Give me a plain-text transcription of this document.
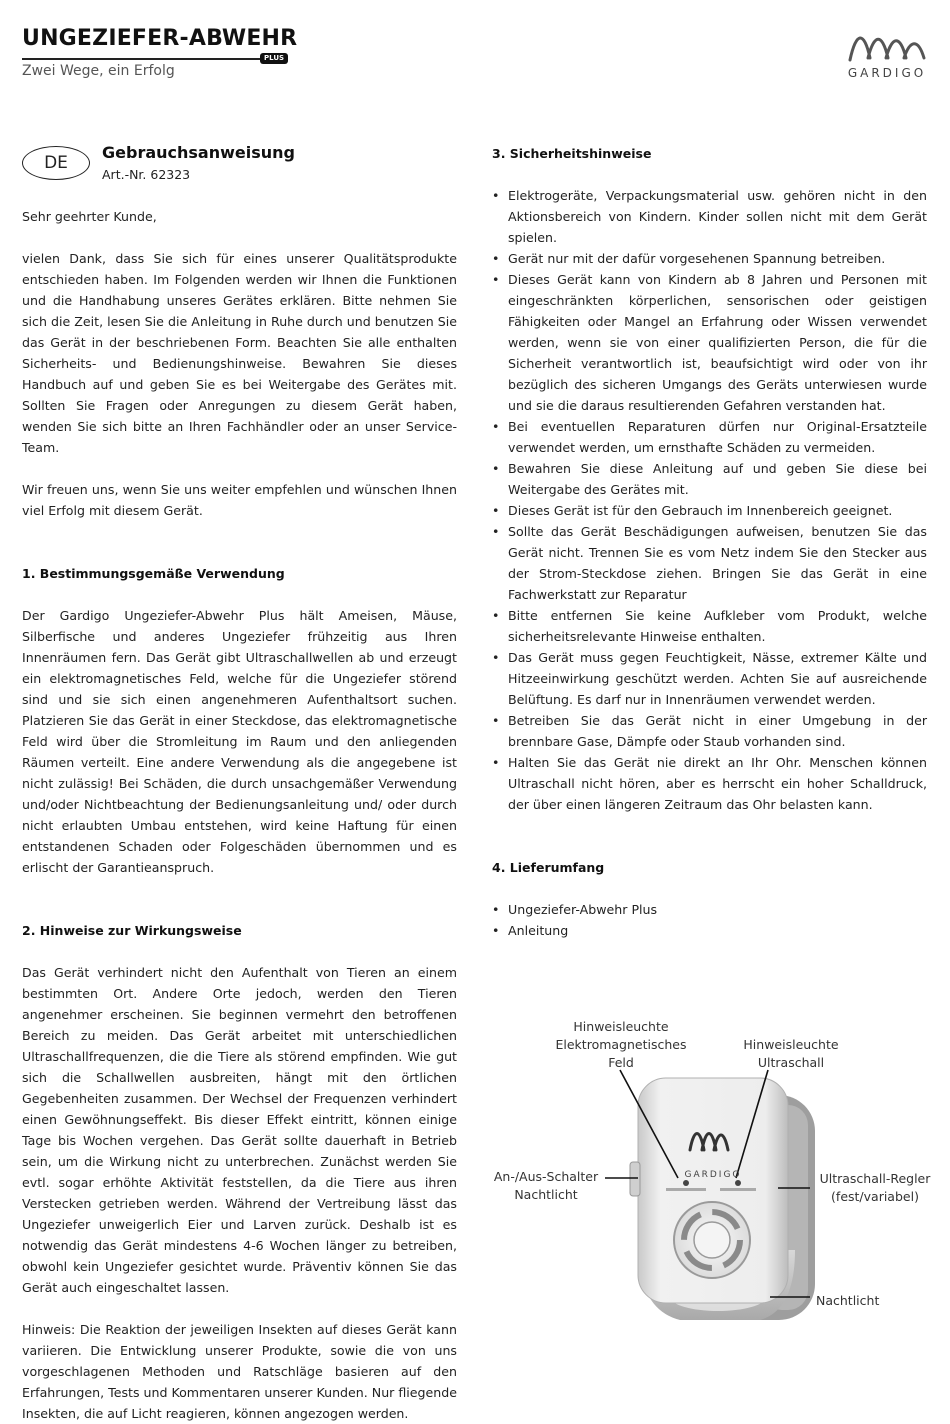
UNGEZIEFER-ABWEHR
PLUS
Zwei Wege, ein Erfolg	GARDIGO
DE
Gebrauchsanweisung
Art.-Nr. 62323

Sehr geehrter Kunde,

vielen Dank, dass Sie sich für eines unserer Qualitätsprodukte entschieden haben. Im Folgenden werden wir Ihnen die Funktionen und die Handhabung unseres Gerätes erklären. Bitte nehmen Sie sich die Zeit, lesen Sie die Anleitung in Ruhe durch und benutzen Sie das Gerät in der beschriebenen Form. Beachten Sie alle enthalten Sicherheits- und Bedienungshinweise. Bewahren Sie dieses Handbuch auf und geben Sie es bei Weitergabe des Gerätes mit. Sollten Sie Fragen oder Anregungen zu diesem Gerät haben, wenden Sie sich bitte an Ihren Fachhändler oder an unser Service-Team.

Wir freuen uns, wenn Sie uns weiter empfehlen und wünschen Ihnen viel Erfolg mit diesem Gerät.

1. Bestimmungsgemäße Verwendung

Der Gardigo Ungeziefer-Abwehr Plus hält Ameisen, Mäuse, Silberfische und anderes Ungeziefer frühzeitig aus Ihren Innenräumen fern. Das Gerät gibt Ultraschallwellen ab und erzeugt ein elektromagnetisches Feld, welche für die Ungeziefer störend sind und sie sich einen angenehmeren Aufenthaltsort suchen. Platzieren Sie das Gerät in einer Steckdose, das elektromagnetische Feld wird über die Stromleitung im Raum und den anliegenden Räumen verteilt. Eine andere Verwendung als die angegebene ist nicht zulässig! Bei Schäden, die durch unsachgemäßer Verwendung und/oder Nichtbeachtung der Bedienungsanleitung und/ oder durch nicht erlaubten Umbau entstehen, wird keine Haftung für einen entstandenen Schaden oder Folgeschäden übernommen und es erlischt der Garantieanspruch.

2. Hinweise zur Wirkungsweise

Das Gerät verhindert nicht den Aufenthalt von Tieren an einem bestimmten Ort. Andere Orte jedoch, werden den Tieren angenehmer erscheinen. Sie beginnen vermehrt den betroffenen Bereich zu meiden. Das Gerät arbeitet mit unterschiedlichen Ultraschallfrequenzen, die die Tiere als störend empfinden. Wie gut sich die Schallwellen ausbreiten, hängt mit den örtlichen Gegebenheiten zusammen. Der Wechsel der Frequenzen verhindert einen Gewöhnungseffekt. Bis dieser Effekt eintritt, können einige Tage bis Wochen vergehen. Das Gerät sollte dauerhaft in Betrieb sein, um die Wirkung nicht zu unterbrechen. Zunächst werden Sie evtl. sogar erhöhte Aktivität feststellen, da die Tiere aus ihren Verstecken getrieben werden. Während der Vertreibung lässt das Ungeziefer unweigerlich Eier und Larven zurück. Deshalb ist es notwendig das Gerät mindestens 4-6 Wochen länger zu betreiben, obwohl kein Ungeziefer gesichtet wurde. Präventiv können Sie das Gerät auch eingeschaltet lassen.

Hinweis: Die Reaktion der jeweiligen Insekten auf dieses Gerät kann variieren. Die Entwicklung unserer Produkte, sowie die von uns vorgeschlagenen Methoden und Ratschläge basieren auf den Erfahrungen, Tests und Kommentaren unserer Kunden. Nur fliegende Insekten, die auf Licht reagieren, können angezogen werden.

3. Sicherheitshinweise

• Elektrogeräte, Verpackungsmaterial usw. gehören nicht in den Aktionsbereich von Kindern. Kinder sollen nicht mit dem Gerät spielen.
• Gerät nur mit der dafür vorgesehenen Spannung betreiben.
• Dieses Gerät kann von Kindern ab 8 Jahren und Personen mit eingeschränkten körperlichen, sensorischen oder geistigen Fähigkeiten oder Mangel an Erfahrung oder Wissen verwendet werden, wenn sie von einer qualifizierten Person, die für die Sicherheit verantwortlich ist, beaufsichtigt wird oder von ihr bezüglich des sicheren Umgangs des Geräts unterwiesen wurde und sie die daraus resultierenden Gefahren verstanden hat.
• Bei eventuellen Reparaturen dürfen nur Original-Ersatzteile verwendet werden, um ernsthafte Schäden zu vermeiden.
• Bewahren Sie diese Anleitung auf und geben Sie diese bei Weitergabe des Gerätes mit.
• Dieses Gerät ist für den Gebrauch im Innenbereich geeignet.
• Sollte das Gerät Beschädigungen aufweisen, benutzen Sie das Gerät nicht. Trennen Sie es vom Netz indem Sie den Stecker aus der Strom-Steckdose ziehen. Bringen Sie das Gerät in eine Fachwerkstatt zur Reparatur
• Bitte entfernen Sie keine Aufkleber vom Produkt, welche sicherheitsrelevante Hinweise enthalten.
• Das Gerät muss gegen Feuchtigkeit, Nässe, extremer Kälte und Hitzeeinwirkung geschützt werden. Achten Sie auf ausreichende Belüftung. Es darf nur in Innenräumen verwendet werden.
• Betreiben Sie das Gerät nicht in einer Umgebung in der brennbare Gase, Dämpfe oder Staub vorhanden sind.
• Halten Sie das Gerät nie direkt an Ihr Ohr. Menschen können Ultraschall nicht hören, aber es herrscht ein hoher Schalldruck, der über einen längeren Zeitraum das Ohr belasten kann.

4. Lieferumfang

• Ungeziefer-Abwehr Plus
• Anleitung
GARDIGO
Hinweisleuchte
Elektromagnetisches
Feld
Hinweisleuchte
Ultraschall
An-/Aus-Schalter
Nachtlicht
Ultraschall-Regler
(fest/variabel)
Nachtlicht
